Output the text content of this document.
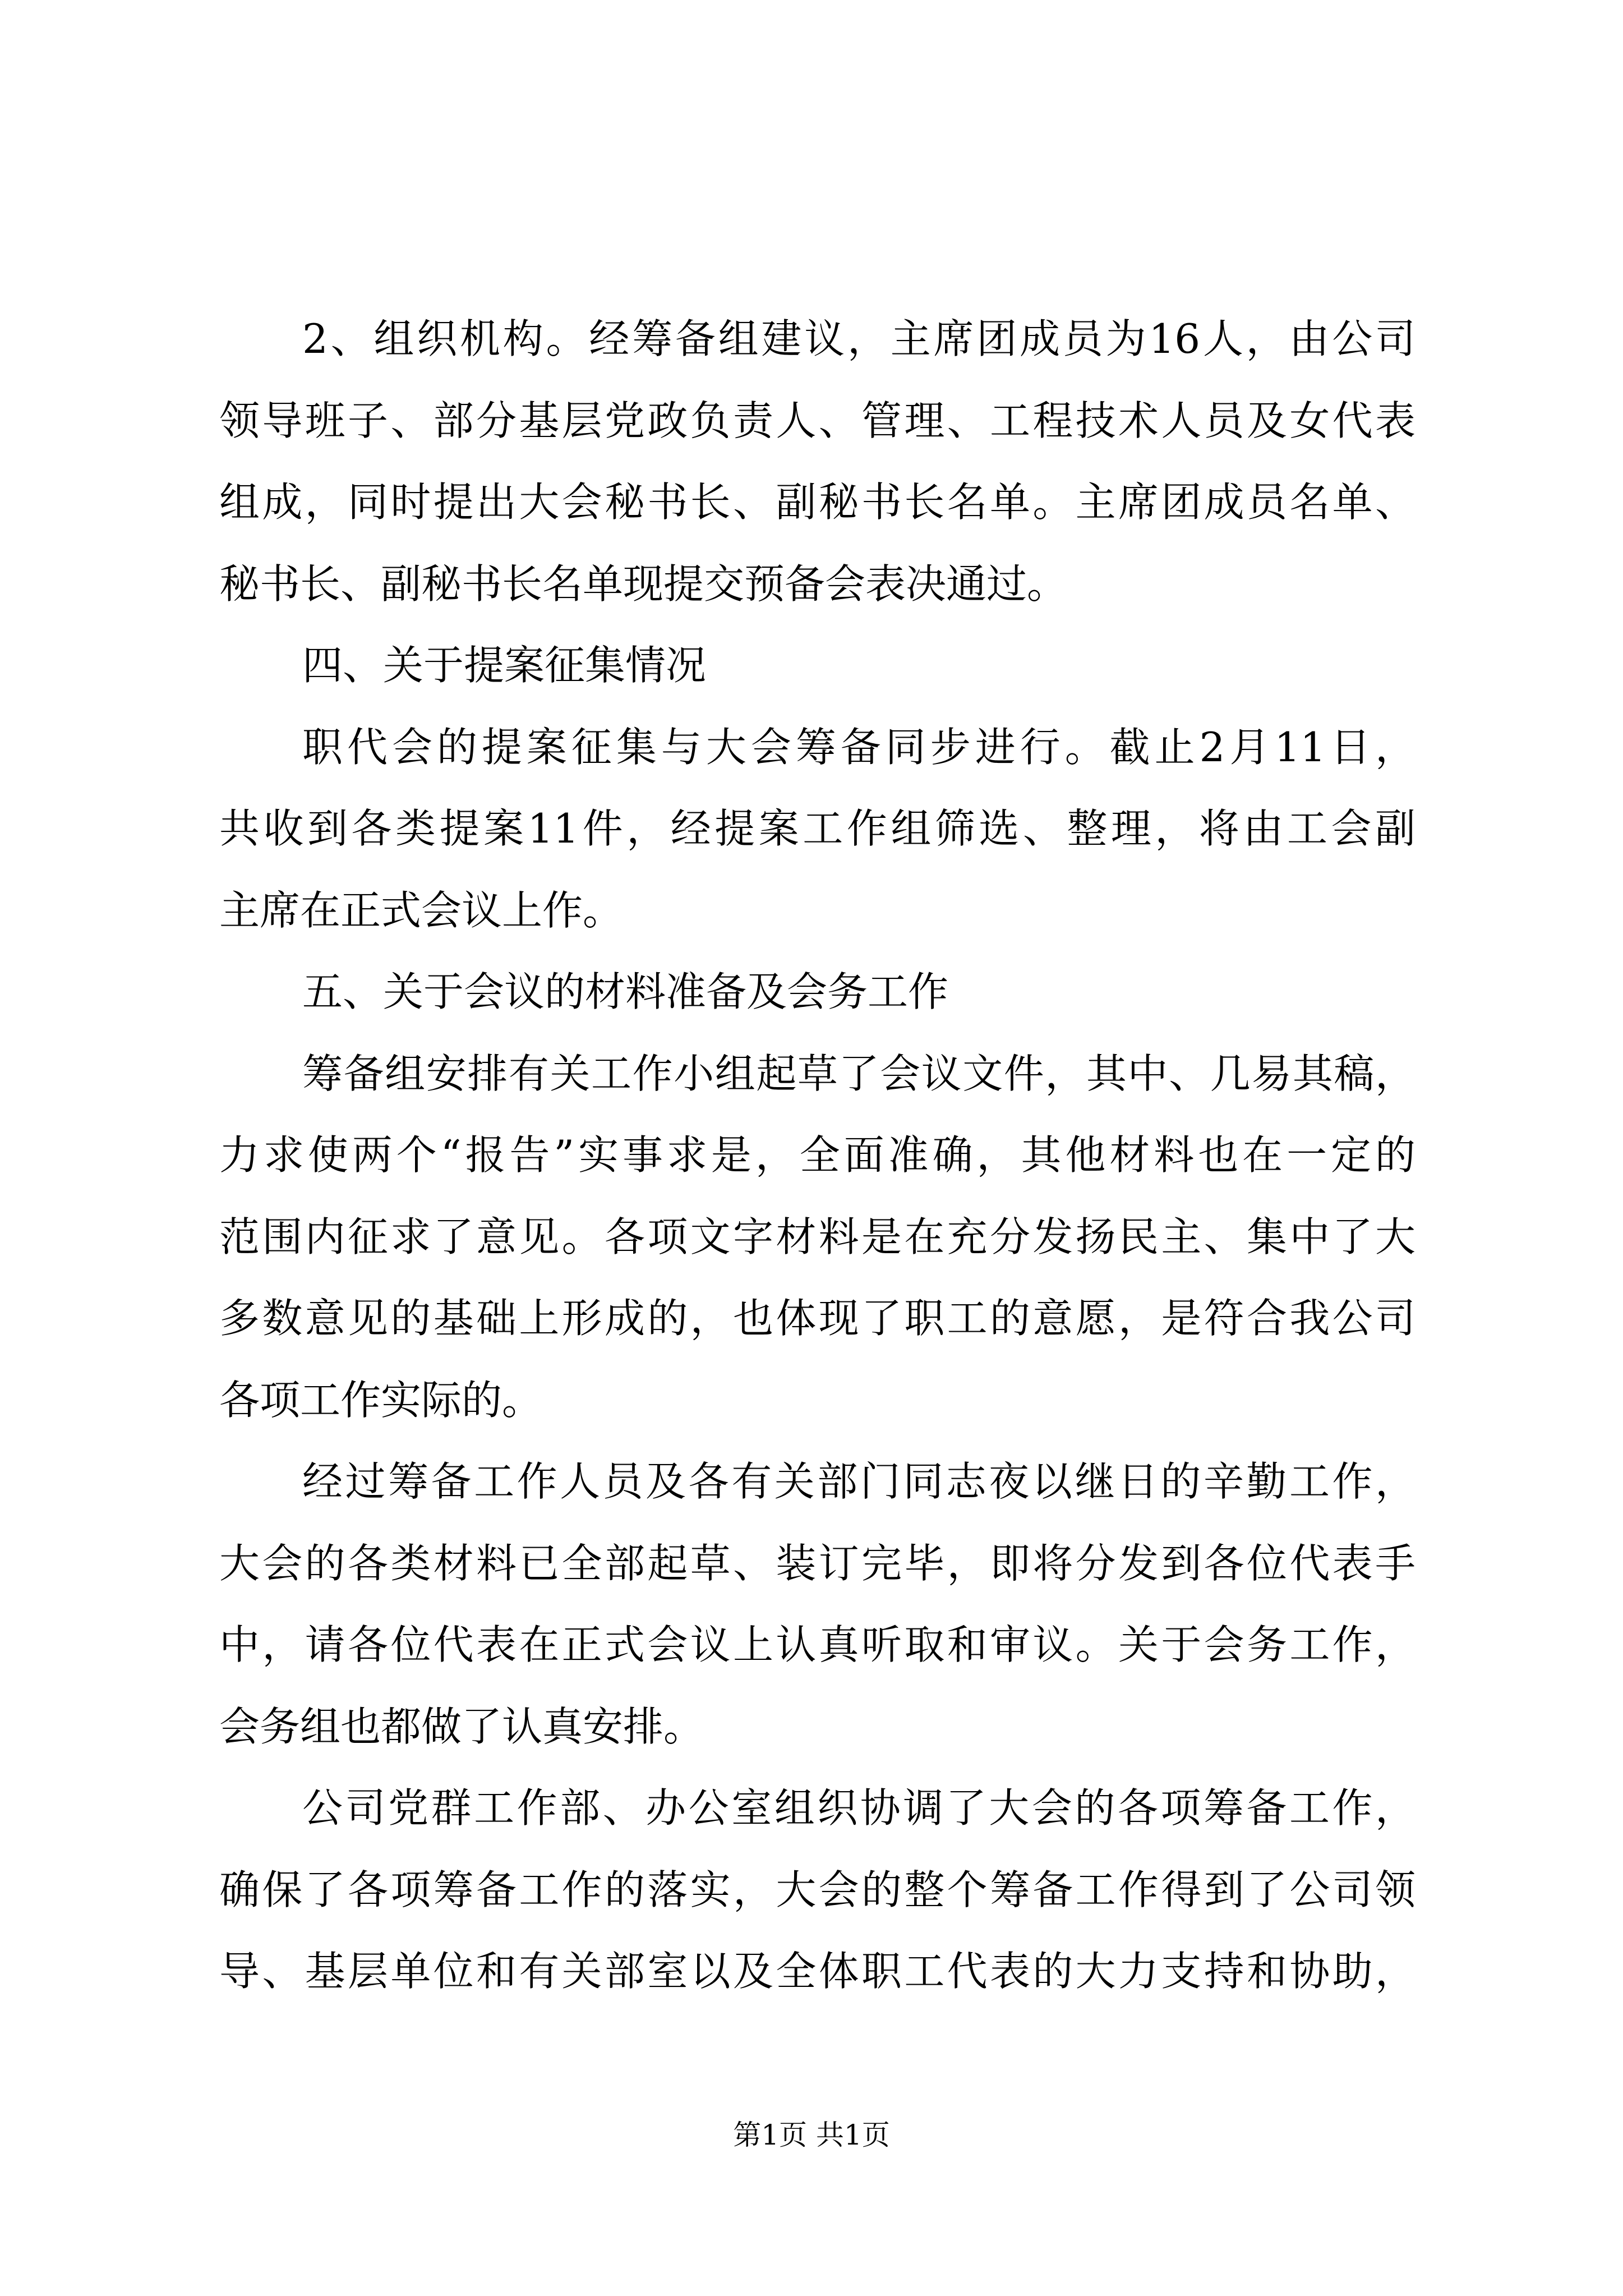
2、组织机构。经筹备组建议，主席团成员为16人，由公司
领导班子、部分基层党政负责人、管理、工程技术人员及女代表
组成，同时提出大会秘书长、副秘书长名单。主席团成员名单、
秘书长、副秘书长名单现提交预备会表决通过。
四、关于提案征集情况
职代会的提案征集与大会筹备同步进行。截止2月11日，
共收到各类提案11件，经提案工作组筛选、整理，将由工会副
主席在正式会议上作。
五、关于会议的材料准备及会务工作
筹备组安排有关工作小组起草了会议文件，其中、几易其稿，
力求使两个“报告”实事求是，全面准确，其他材料也在一定的
范围内征求了意见。各项文字材料是在充分发扬民主、集中了大
多数意见的基础上形成的，也体现了职工的意愿，是符合我公司
各项工作实际的。
经过筹备工作人员及各有关部门同志夜以继日的辛勤工作，
大会的各类材料已全部起草、装订完毕，即将分发到各位代表手
中，请各位代表在正式会议上认真听取和审议。关于会务工作，
会务组也都做了认真安排。
公司党群工作部、办公室组织协调了大会的各项筹备工作，
确保了各项筹备工作的落实，大会的整个筹备工作得到了公司领
导、基层单位和有关部室以及全体职工代表的大力支持和协助，
第1页 共1页
